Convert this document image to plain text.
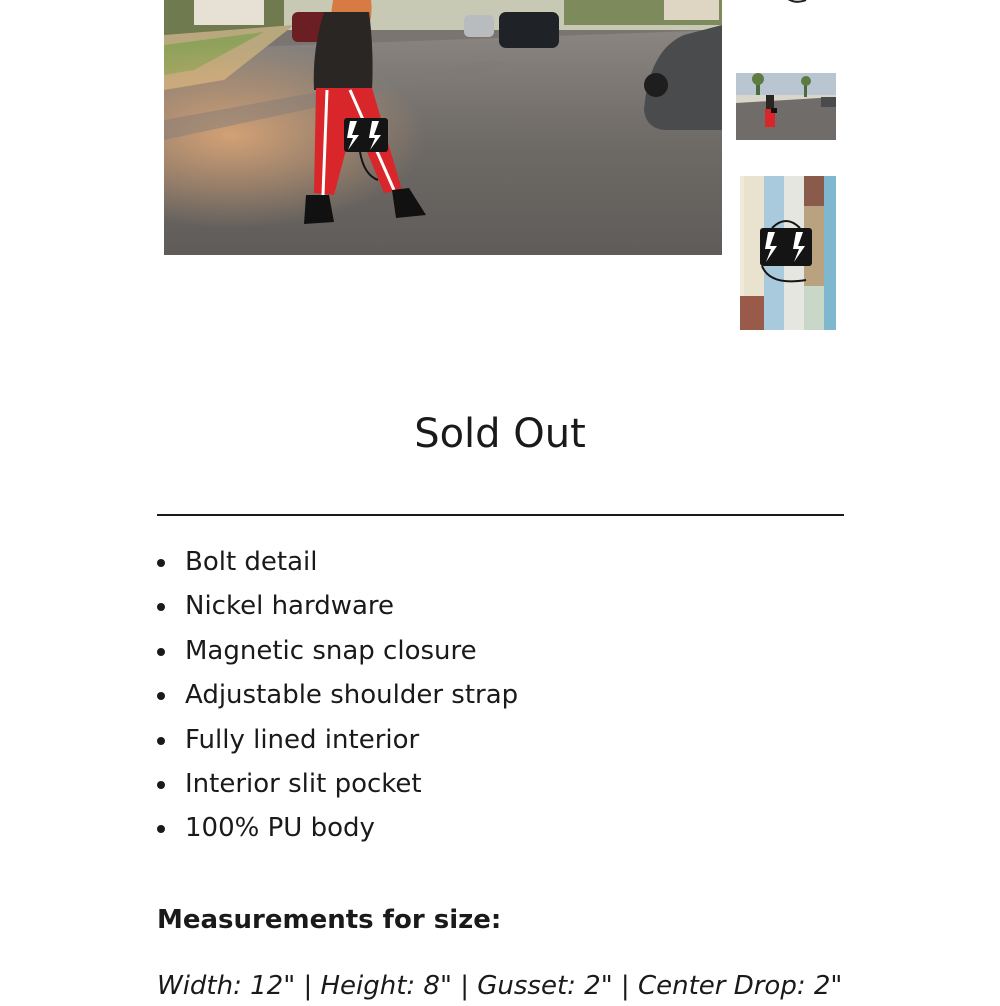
Sold Out
Bolt detail
Nickel hardware
Magnetic snap closure
Adjustable shoulder strap
Fully lined interior
Interior slit pocket
100% PU body

Measurements for size:

Width: 12" | Height: 8" | Gusset: 2" | Center Drop: 2"
